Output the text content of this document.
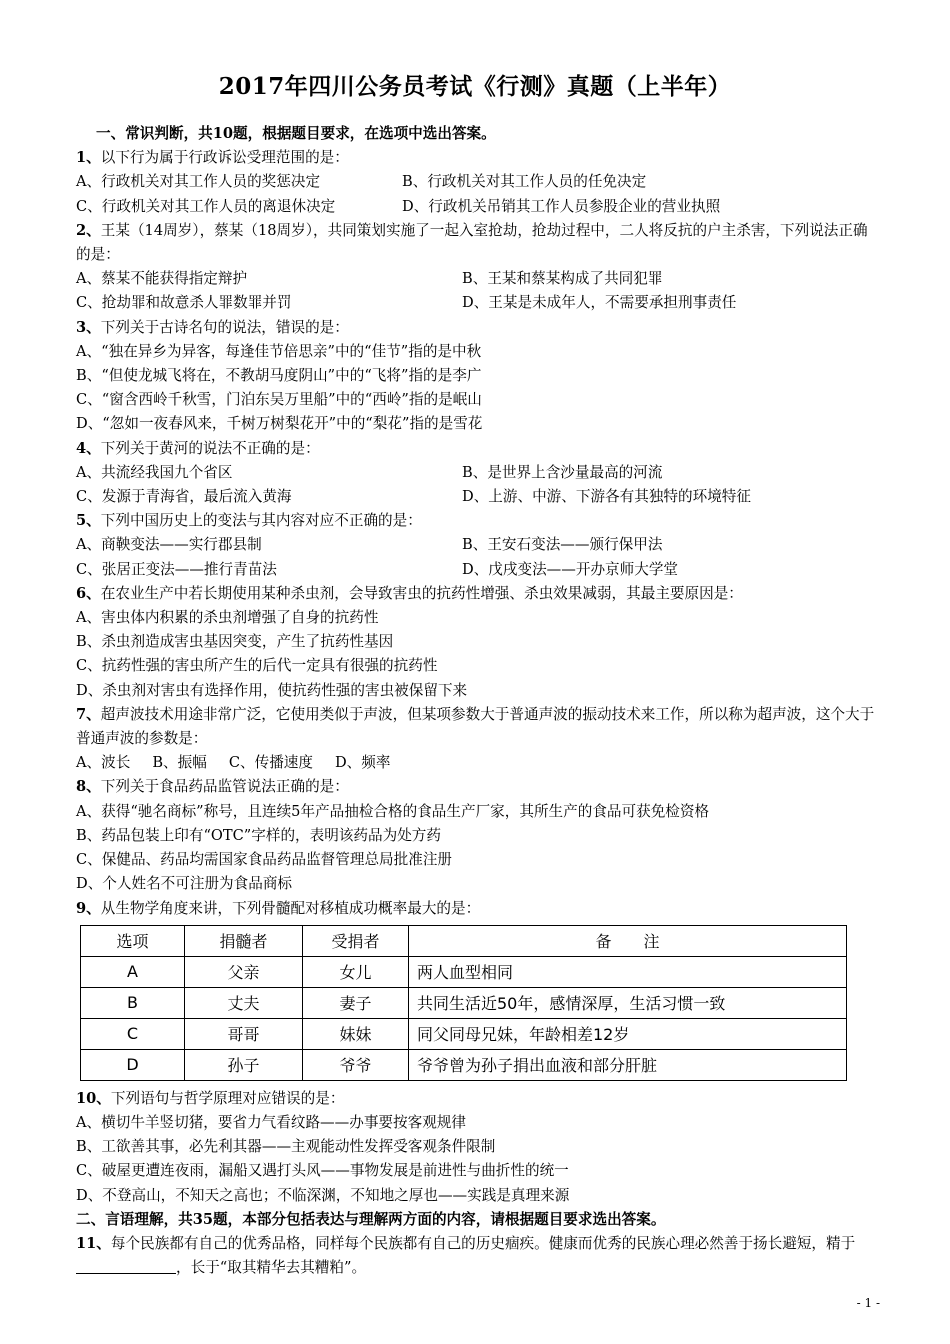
2017年四川公务员考试《行测》真题（上半年）
一、常识判断，共10题，根据题目要求，在选项中选出答案。
1、以下行为属于行政诉讼受理范围的是：
A、行政机关对其工作人员的奖惩决定	B、行政机关对其工作人员的任免决定
C、行政机关对其工作人员的离退休决定	D、行政机关吊销其工作人员参股企业的营业执照
2、王某（14周岁），蔡某（18周岁），共同策划实施了一起入室抢劫，抢劫过程中，二人将反抗的户主杀害，下列说法正确的是：
A、蔡某不能获得指定辩护	B、王某和蔡某构成了共同犯罪
C、抢劫罪和故意杀人罪数罪并罚	D、王某是未成年人，不需要承担刑事责任
3、下列关于古诗名句的说法，错误的是：
A、“独在异乡为异客，每逢佳节倍思亲”中的“佳节”指的是中秋
B、“但使龙城飞将在，不教胡马度阴山”中的“飞将”指的是李广
C、“窗含西岭千秋雪，门泊东吴万里船”中的“西岭”指的是岷山
D、“忽如一夜春风来，千树万树梨花开”中的“梨花”指的是雪花
4、下列关于黄河的说法不正确的是：
A、共流经我国九个省区	B、是世界上含沙量最高的河流
C、发源于青海省，最后流入黄海	D、上游、中游、下游各有其独特的环境特征
5、下列中国历史上的变法与其内容对应不正确的是：
A、商鞅变法——实行郡县制	B、王安石变法——颁行保甲法
C、张居正变法——推行青苗法	D、戊戌变法——开办京师大学堂
6、在农业生产中若长期使用某种杀虫剂，会导致害虫的抗药性增强、杀虫效果减弱，其最主要原因是：
A、害虫体内积累的杀虫剂增强了自身的抗药性
B、杀虫剂造成害虫基因突变，产生了抗药性基因
C、抗药性强的害虫所产生的后代一定具有很强的抗药性
D、杀虫剂对害虫有选择作用，使抗药性强的害虫被保留下来
7、超声波技术用途非常广泛，它使用类似于声波，但某项参数大于普通声波的振动技术来工作，所以称为超声波，这个大于普通声波的参数是：
A、波长 B、振幅 C、传播速度 D、频率
8、下列关于食品药品监管说法正确的是：
A、获得“驰名商标”称号，且连续5年产品抽检合格的食品生产厂家，其所生产的食品可获免检资格
B、药品包装上印有“OTC”字样的，表明该药品为处方药
C、保健品、药品均需国家食品药品监督管理总局批准注册
D、个人姓名不可注册为食品商标
9、从生物学角度来讲，下列骨髓配对移植成功概率最大的是：
选项	捐髓者	受捐者	备　　注
A	父亲	女儿	两人血型相同
B	丈夫	妻子	共同生活近50年，感情深厚，生活习惯一致
C	哥哥	妹妹	同父同母兄妹，年龄相差12岁
D	孙子	爷爷	爷爷曾为孙子捐出血液和部分肝脏
10、下列语句与哲学原理对应错误的是：
A、横切牛羊竖切猪，要省力气看纹路——办事要按客观规律
B、工欲善其事，必先利其器——主观能动性发挥受客观条件限制
C、破屋更遭连夜雨，漏船又遇打头风——事物发展是前进性与曲折性的统一
D、不登高山，不知天之高也；不临深渊，不知地之厚也——实践是真理来源
二、言语理解，共35题，本部分包括表达与理解两方面的内容，请根据题目要求选出答案。
11、每个民族都有自己的优秀品格，同样每个民族都有自己的历史痼疾。健康而优秀的民族心理必然善于扬长避短，精于，长于“取其精华去其糟粕”。
- 1 -
